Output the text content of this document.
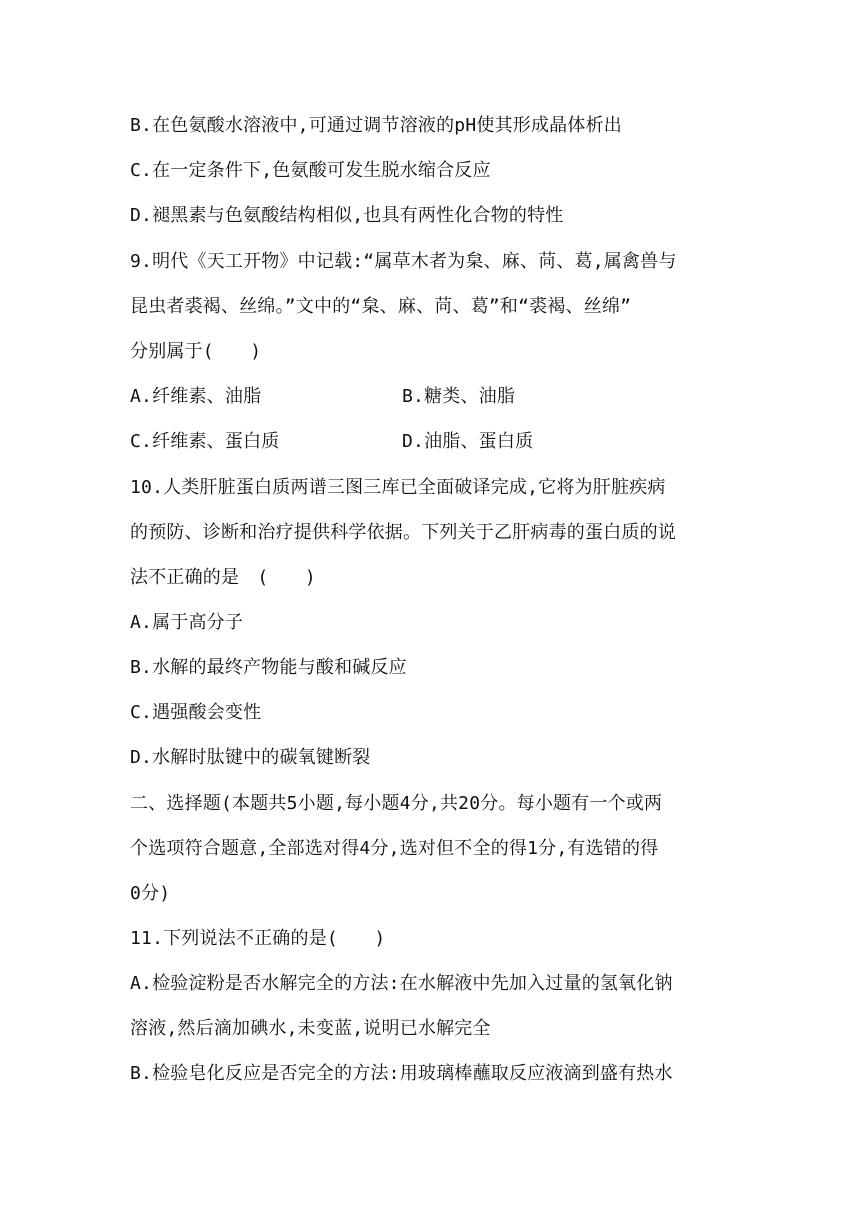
B.在色氨酸水溶液中,可通过调节溶液的pH使其形成晶体析出
C.在一定条件下,色氨酸可发生脱水缩合反应
D.褪黑素与色氨酸结构相似,也具有两性化合物的特性
9.明代《天工开物》中记载:“属草木者为枲、麻、苘、葛,属禽兽与
昆虫者裘褐、丝绵。”文中的“枲、麻、苘、葛”和“裘褐、丝绵”
分别属于(　　)
A.纤维素、油脂	B.糖类、油脂
C.纤维素、蛋白质	D.油脂、蛋白质
10.人类肝脏蛋白质两谱三图三库已全面破译完成,它将为肝脏疾病
的预防、诊断和治疗提供科学依据。下列关于乙肝病毒的蛋白质的说
法不正确的是　(　　)
A.属于高分子
B.水解的最终产物能与酸和碱反应
C.遇强酸会变性
D.水解时肽键中的碳氧键断裂
二、选择题(本题共5小题,每小题4分,共20分。每小题有一个或两
个选项符合题意,全部选对得4分,选对但不全的得1分,有选错的得
0分)
11.下列说法不正确的是(　　)
A.检验淀粉是否水解完全的方法:在水解液中先加入过量的氢氧化钠
溶液,然后滴加碘水,未变蓝,说明已水解完全
B.检验皂化反应是否完全的方法:用玻璃棒蘸取反应液滴到盛有热水
